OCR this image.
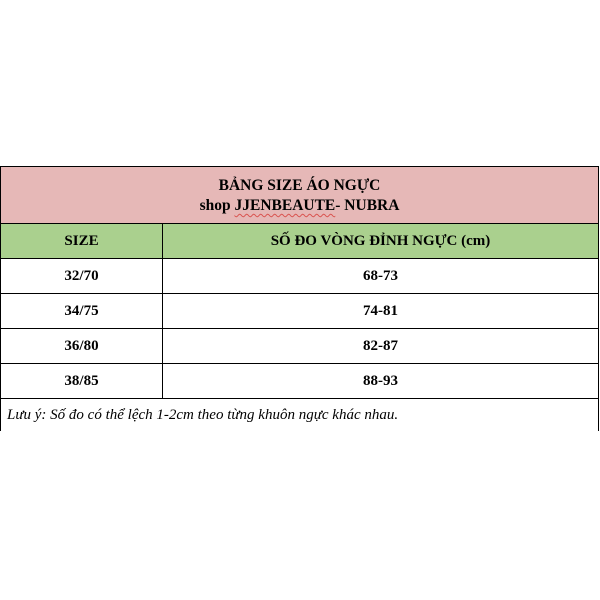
BẢNG SIZE ÁO NGỰC
shop JJENBEAUTE- NUBRA
SIZE	SỐ ĐO VÒNG ĐỈNH NGỰC (cm)
32/70	68-73
34/75	74-81
36/80	82-87
38/85	88-93
Lưu ý: Số đo có thể lệch 1-2cm theo từng khuôn ngực khác nhau.
